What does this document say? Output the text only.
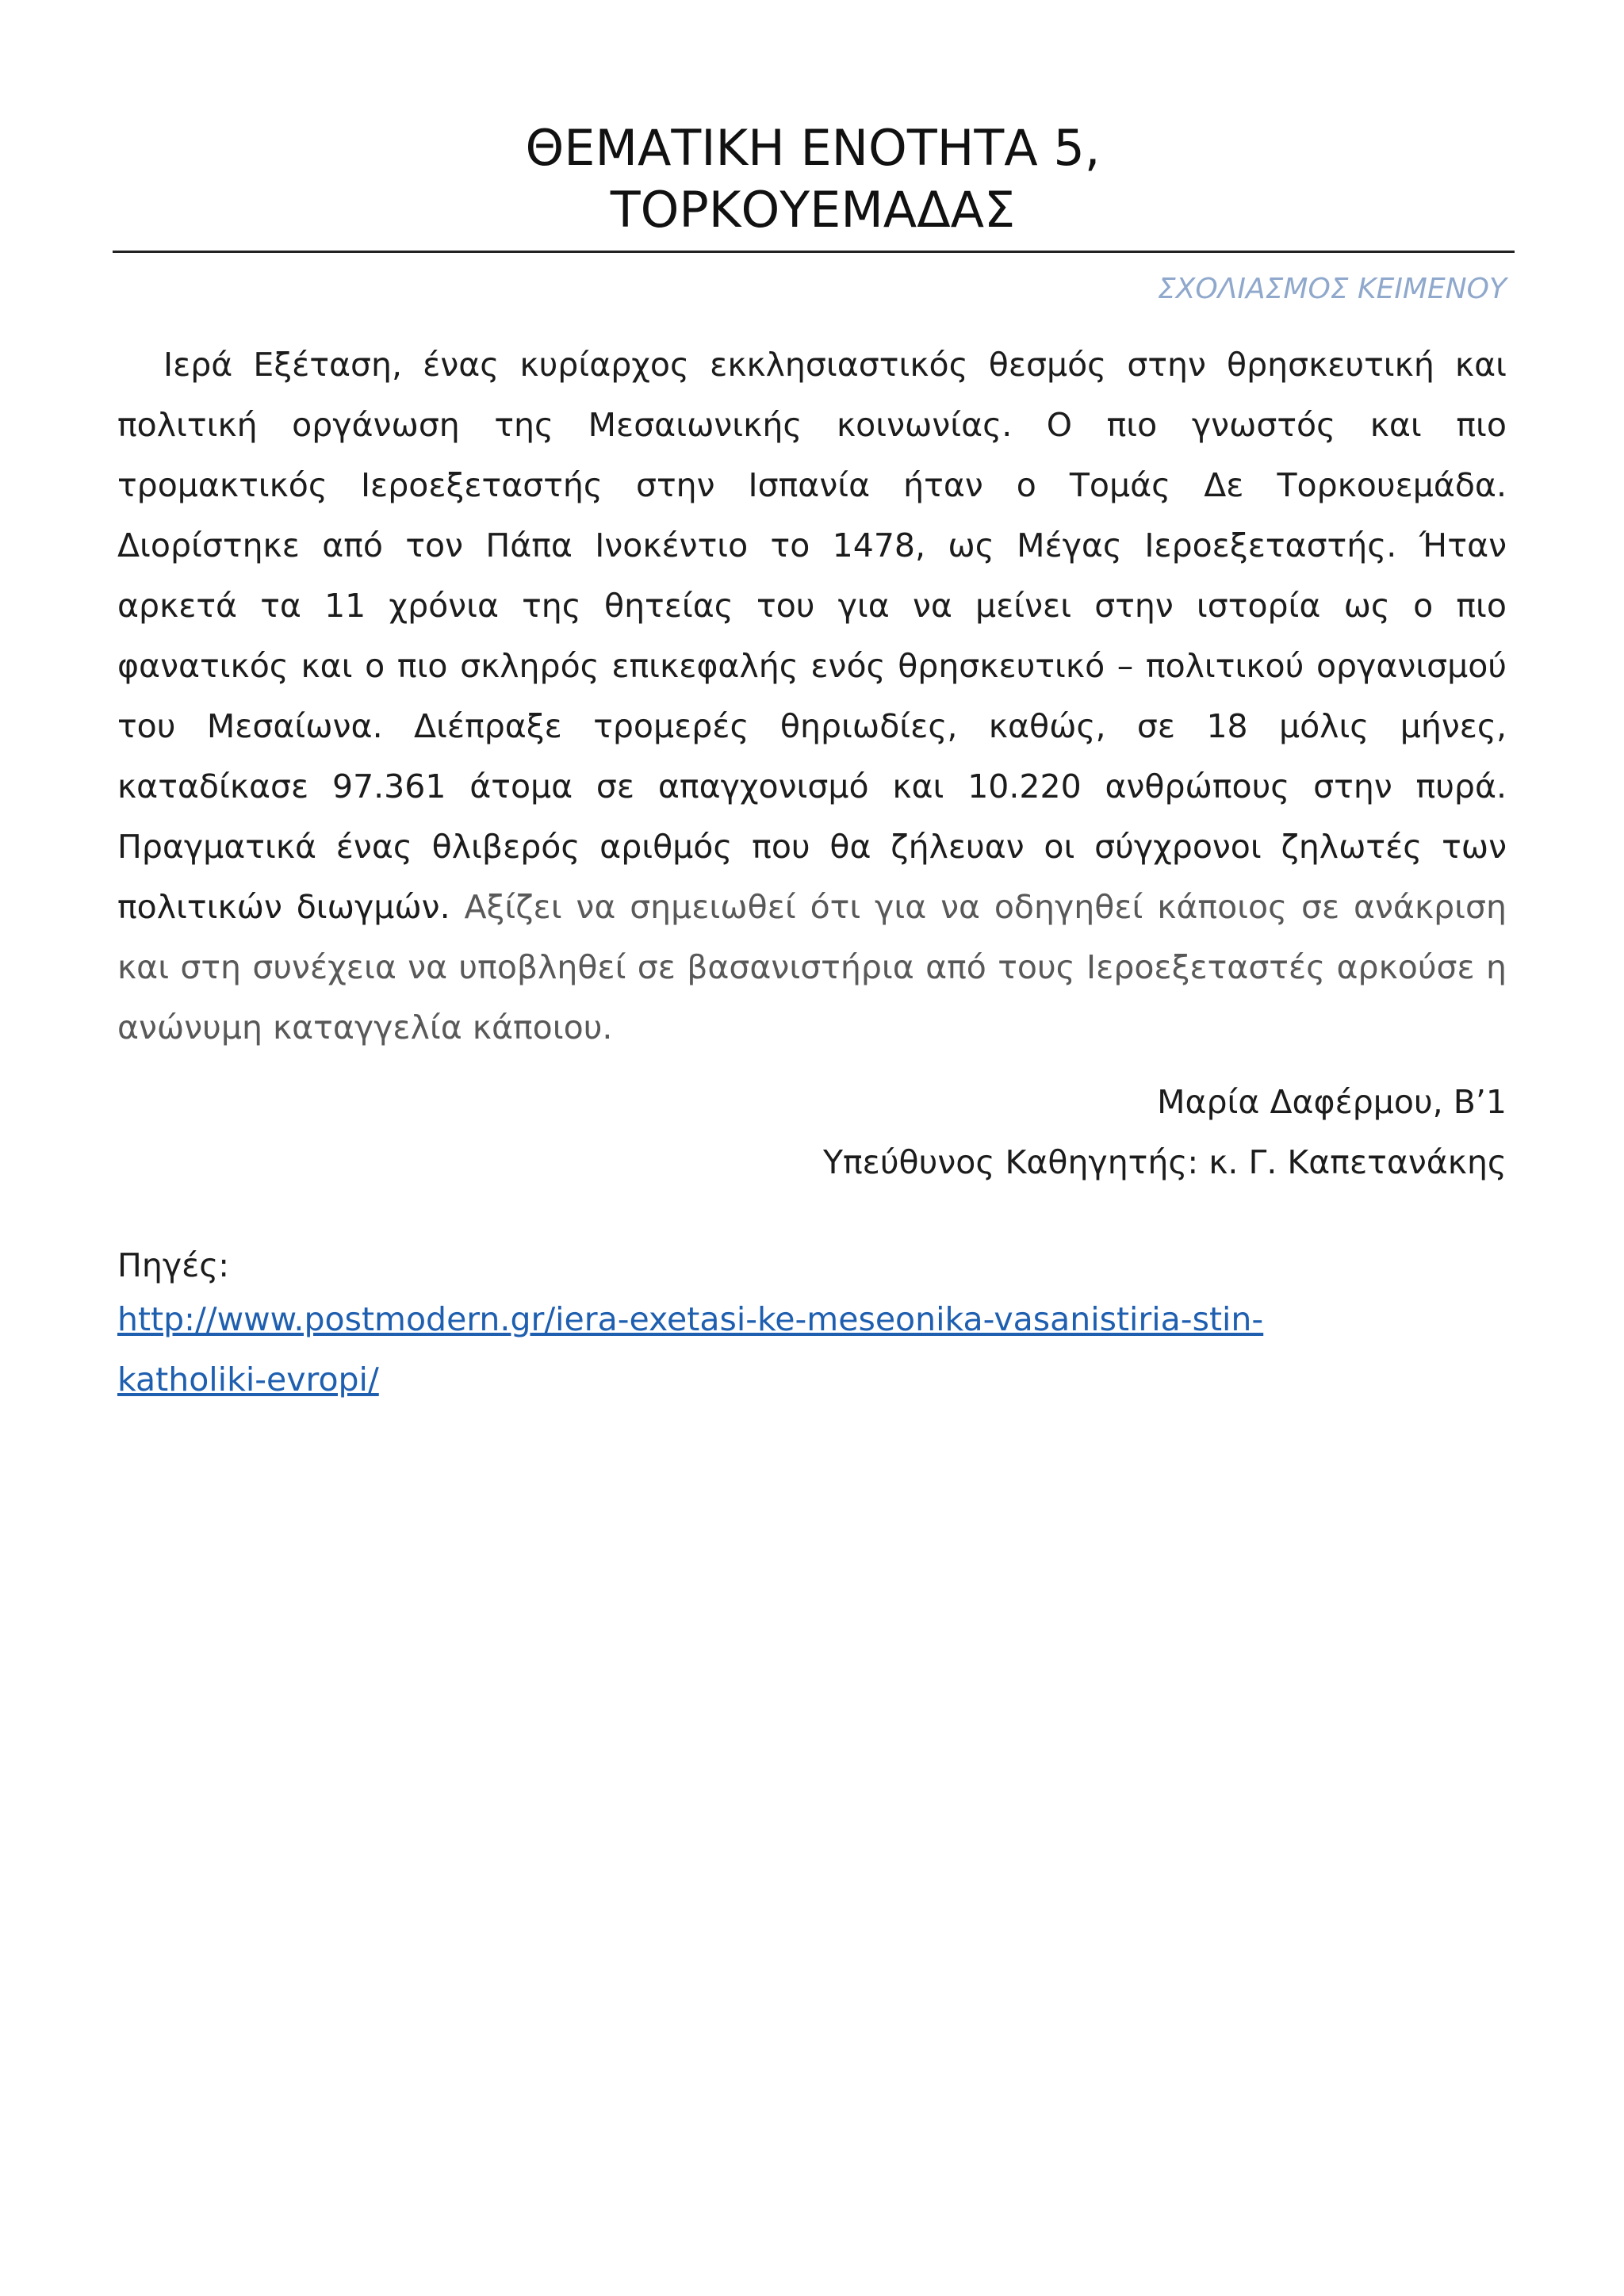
ΘΕΜΑΤΙΚΗ ΕΝΟΤΗΤΑ 5,
ΤΟΡΚΟΥΕΜΑΔΑΣ
ΣΧΟΛΙΑΣΜΟΣ ΚΕΙΜΕΝΟΥ

Ιερά Εξέταση, ένας κυρίαρχος εκκλησιαστικός θεσμός στην θρησκευτική και πολιτική οργάνωση της Μεσαιωνικής κοινωνίας. Ο πιο γνωστός και πιο τρομακτικός Ιεροεξεταστής στην Ισπανία ήταν ο Τομάς Δε Τορκουεμάδα. Διορίστηκε από τον Πάπα Ινοκέντιο το 1478, ως Μέγας Ιεροεξεταστής. Ήταν αρκετά τα 11 χρόνια της θητείας του για να μείνει στην ιστορία ως ο πιο φανατικός και ο πιο σκληρός επικεφαλής ενός θρησκευτικό – πολιτικού οργανισμού του Μεσαίωνα. Διέπραξε τρομερές θηριωδίες, καθώς, σε 18 μόλις μήνες, καταδίκασε 97.361 άτομα σε απαγχονισμό και 10.220 ανθρώπους στην πυρά. Πραγματικά ένας θλιβερός αριθμός που θα ζήλευαν οι σύγχρονοι ζηλωτές των πολιτικών διωγμών. Αξίζει να σημειωθεί ότι για να οδηγηθεί κάποιος σε ανάκριση και στη συνέχεια να υποβληθεί σε βασανιστήρια από τους Ιεροεξεταστές αρκούσε η ανώνυμη καταγγελία κάποιου.

Μαρία Δαφέρμου, Β’1
Υπεύθυνος Καθηγητής: κ. Γ. Καπετανάκης
Πηγές:
http://www.postmodern.gr/iera-exetasi-ke-meseonika-vasanistiria-stin-
katholiki-evropi/
